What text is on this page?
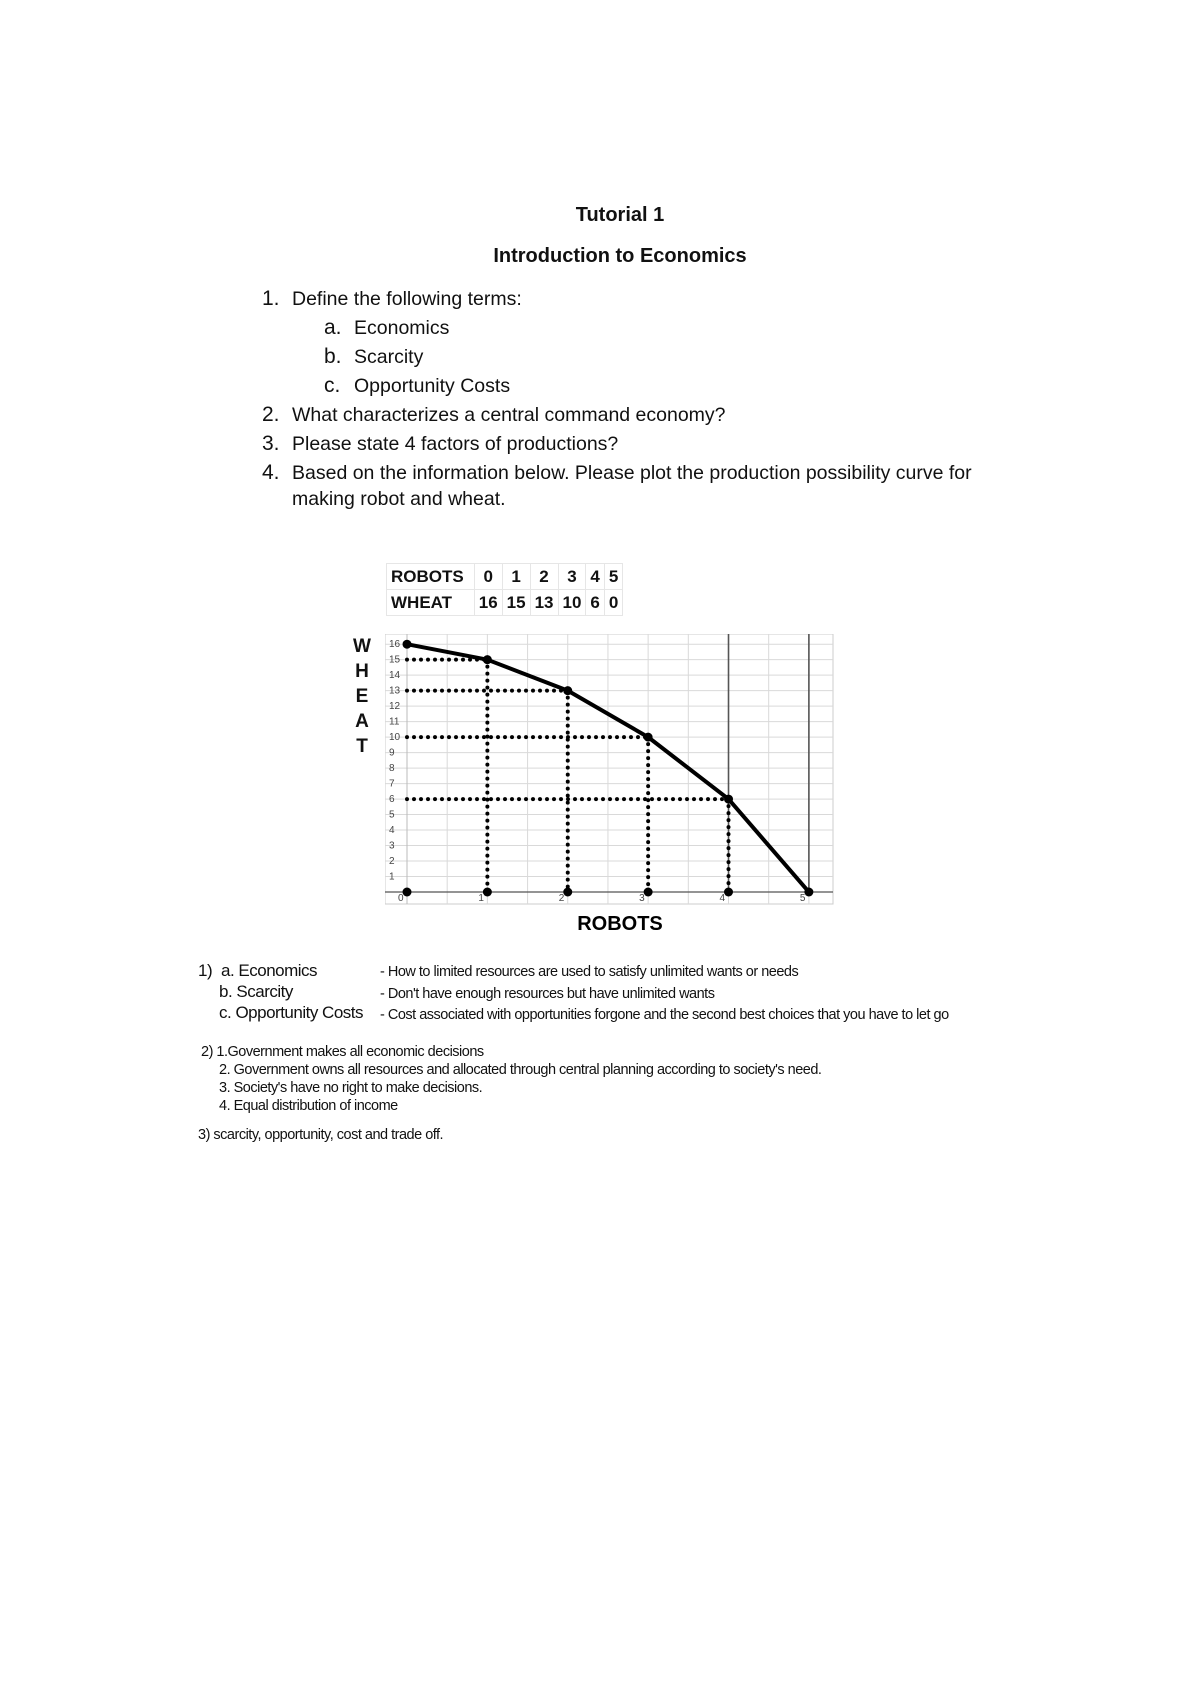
Tutorial 1
Introduction to Economics
1. Define the following terms:
a. Economics
b. Scarcity
c. Opportunity Costs
2. What characterizes a central command economy?
3. Please state 4 factors of productions?
4. Based on the information below. Please plot the production possibility curve for
making robot and wheat.
ROBOTS	0	1	2	3	4	5
WHEAT	16	15	13	10	6	0
W
H
E
A
T
1
2
3
4
5
6
7
8
9
10
11
12
13
14
15
16
0	1	2	3	4	5
ROBOTS
1) a. Economics	- How to limited resources are used to satisfy unlimited wants or needs
b. Scarcity	- Don't have enough resources but have unlimited wants
c. Opportunity Costs - Cost associated with opportunities forgone and the second best choices that you have to let go
2) 1.Government makes all economic decisions
2. Government owns all resources and allocated through central planning according to society's need.
3. Society's have no right to make decisions.
4. Equal distribution of income
3) scarcity, opportunity, cost and trade off.
